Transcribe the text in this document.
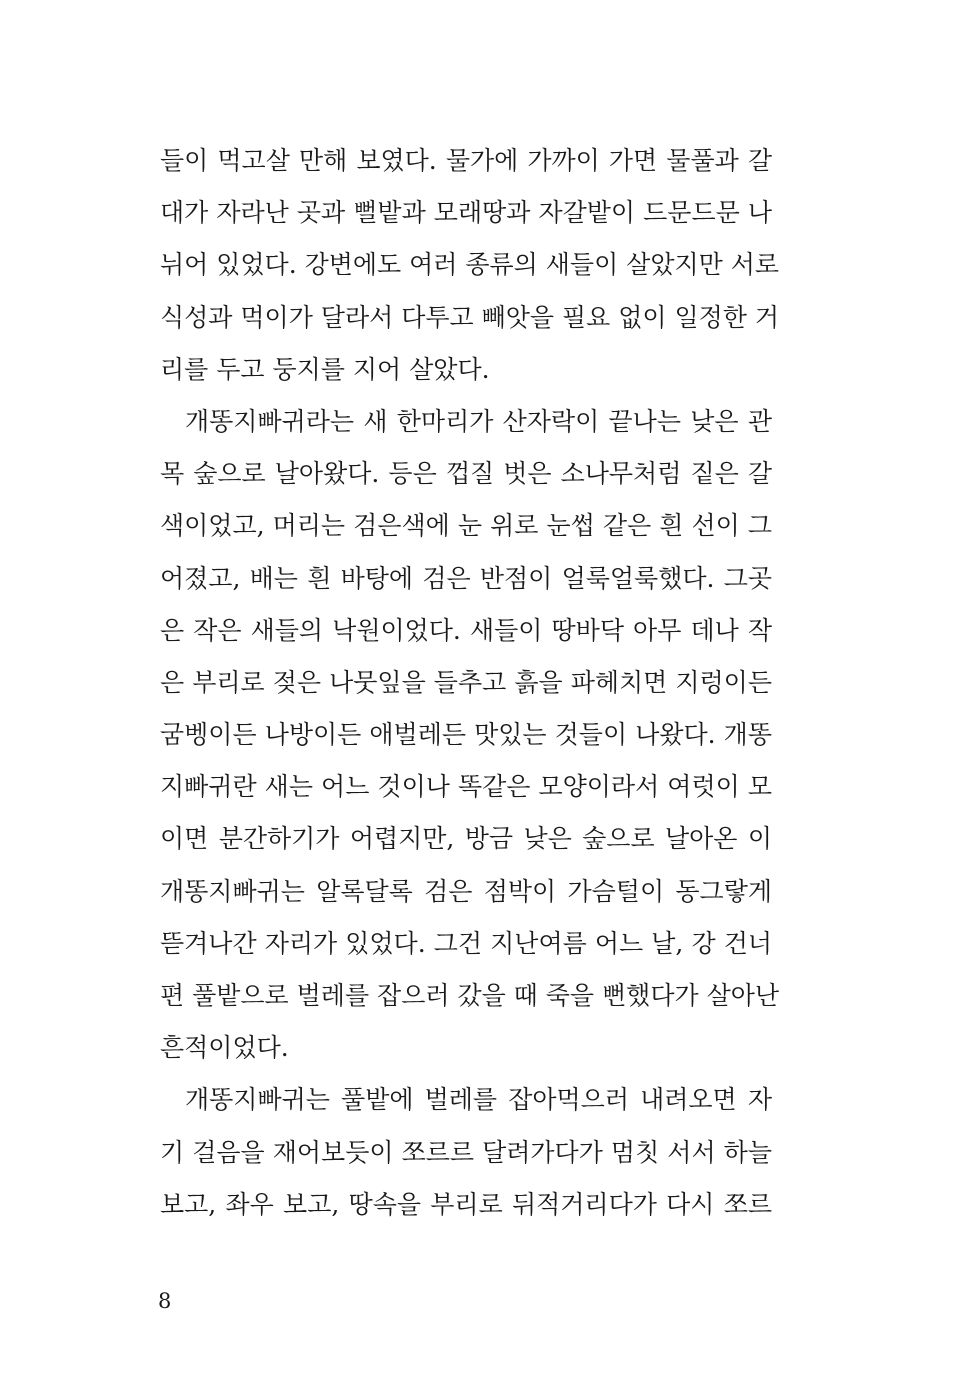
들이 먹고살 만해 보였다. 물가에 가까이 가면 물풀과 갈
대가 자라난 곳과 뻘밭과 모래땅과 자갈밭이 드문드문 나
뉘어 있었다. 강변에도 여러 종류의 새들이 살았지만 서로
식성과 먹이가 달라서 다투고 빼앗을 필요 없이 일정한 거
리를 두고 둥지를 지어 살았다.
개똥지빠귀라는 새 한마리가 산자락이 끝나는 낮은 관
목 숲으로 날아왔다. 등은 껍질 벗은 소나무처럼 짙은 갈
색이었고, 머리는 검은색에 눈 위로 눈썹 같은 흰 선이 그
어졌고, 배는 흰 바탕에 검은 반점이 얼룩얼룩했다. 그곳
은 작은 새들의 낙원이었다. 새들이 땅바닥 아무 데나 작
은 부리로 젖은 나뭇잎을 들추고 흙을 파헤치면 지렁이든
굼벵이든 나방이든 애벌레든 맛있는 것들이 나왔다. 개똥
지빠귀란 새는 어느 것이나 똑같은 모양이라서 여럿이 모
이면 분간하기가 어렵지만, 방금 낮은 숲으로 날아온 이
개똥지빠귀는 알록달록 검은 점박이 가슴털이 동그랗게
뜯겨나간 자리가 있었다. 그건 지난여름 어느 날, 강 건너
편 풀밭으로 벌레를 잡으러 갔을 때 죽을 뻔했다가 살아난
흔적이었다.
개똥지빠귀는 풀밭에 벌레를 잡아먹으러 내려오면 자
기 걸음을 재어보듯이 쪼르르 달려가다가 멈칫 서서 하늘
보고, 좌우 보고, 땅속을 부리로 뒤적거리다가 다시 쪼르
8
